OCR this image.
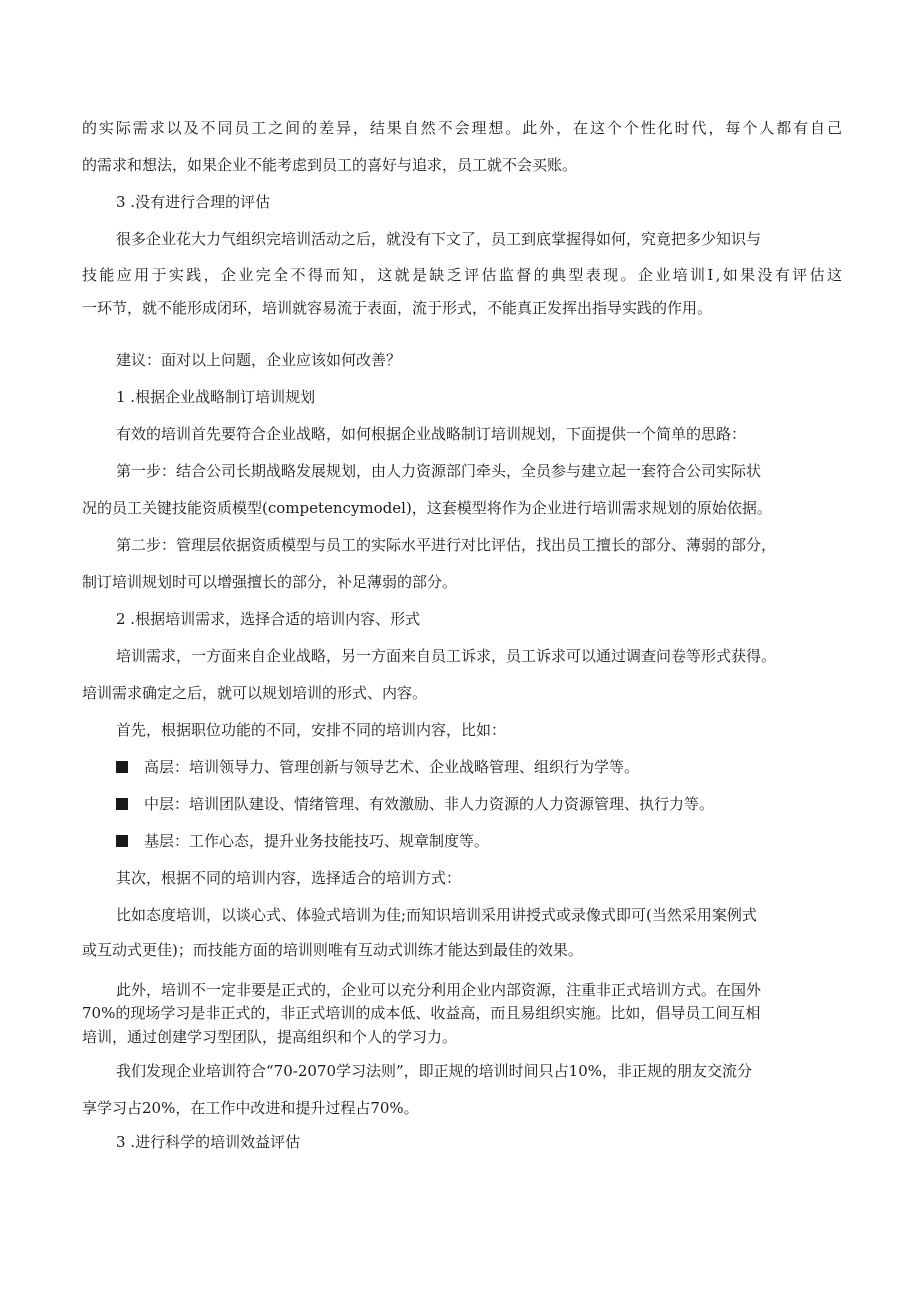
的实际需求以及不同员工之间的差异，结果自然不会理想。此外，在这个个性化时代，每个人都有自己
的需求和想法，如果企业不能考虑到员工的喜好与追求，员工就不会买账。
3 .没有进行合理的评估
很多企业花大力气组织完培训活动之后，就没有下文了，员工到底掌握得如何，究竟把多少知识与
技能应用于实践，企业完全不得而知，这就是缺乏评估监督的典型表现。企业培训Ⅰ,如果没有评估这
一环节，就不能形成闭环，培训就容易流于表面，流于形式，不能真正发挥出指导实践的作用。
建议：面对以上问题，企业应该如何改善？
1 .根据企业战略制订培训规划
有效的培训首先要符合企业战略，如何根据企业战略制订培训规划，下面提供一个简单的思路：
第一步：结合公司长期战略发展规划，由人力资源部门牵头，全员参与建立起一套符合公司实际状
况的员工关键技能资质模型(competencymodel)，这套模型将作为企业进行培训需求规划的原始依据。
第二步：管理层依据资质模型与员工的实际水平进行对比评估，找出员工擅长的部分、薄弱的部分，
制订培训规划时可以增强擅长的部分，补足薄弱的部分。
2 .根据培训需求，选择合适的培训内容、形式
培训需求，一方面来自企业战略，另一方面来自员工诉求，员工诉求可以通过调查问卷等形式获得。
培训需求确定之后，就可以规划培训的形式、内容。
首先，根据职位功能的不同，安排不同的培训内容，比如：
高层：培训领导力、管理创新与领导艺术、企业战略管理、组织行为学等。
中层：培训团队建设、情绪管理、有效激励、非人力资源的人力资源管理、执行力等。
基层：工作心态，提升业务技能技巧、规章制度等。
其次，根据不同的培训内容，选择适合的培训方式：
比如态度培训，以谈心式、体验式培训为佳;而知识培训采用讲授式或录像式即可(当然采用案例式
或互动式更佳)；而技能方面的培训则唯有互动式训练才能达到最佳的效果。
此外，培训不一定非要是正式的，企业可以充分利用企业内部资源，注重非正式培训方式。在国外
70%的现场学习是非正式的，非正式培训的成本低、收益高，而且易组织实施。比如，倡导员工间互相
培训，通过创建学习型团队，提高组织和个人的学习力。
我们发现企业培训符合“70-2070学习法则”，即正规的培训时间只占10%，非正规的朋友交流分
享学习占20%，在工作中改进和提升过程占70%。
3 .进行科学的培训效益评估
